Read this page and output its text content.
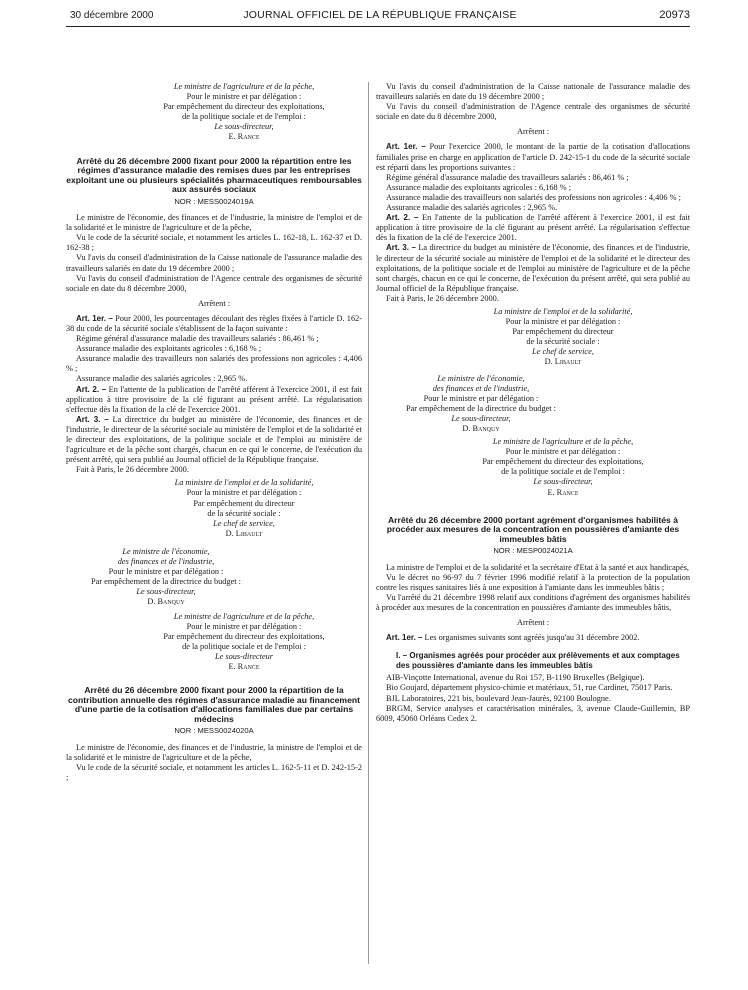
30 décembre 2000	JOURNAL OFFICIEL DE LA RÉPUBLIQUE FRANÇAISE	20973
Le ministre de l'agriculture et de la pêche,
Pour le ministre et par délégation :
Par empêchement du directeur des exploitations,
de la politique sociale et de l'emploi :
Le sous-directeur,
E. Rance
Arrêté du 26 décembre 2000 fixant pour 2000 la répartition entre les régimes d'assurance maladie des remises dues par les entreprises exploitant une ou plusieurs spécialités pharmaceutiques remboursables aux assurés sociaux
NOR : MESS0024019A

Le ministre de l'économie, des finances et de l'industrie, la ministre de l'emploi et de la solidarité et le ministre de l'agriculture et de la pêche,

Vu le code de la sécurité sociale, et notamment les articles L. 162-18, L. 162-37 et D. 162-38 ;

Vu l'avis du conseil d'administration de la Caisse nationale de l'assurance maladie des travailleurs salariés en date du 19 décembre 2000 ;

Vu l'avis du conseil d'administration de l'Agence centrale des organismes de sécurité sociale en date du 8 décembre 2000,

Arrêtent :

Art. 1er. – Pour 2000, les pourcentages découlant des règles fixées à l'article D. 162-38 du code de la sécurité sociale s'établissent de la façon suivante :

Régime général d'assurance maladie des travailleurs salariés : 86,461 % ;

Assurance maladie des exploitants agricoles : 6,168 % ;

Assurance maladie des travailleurs non salariés des professions non agricoles : 4,406 % ;

Assurance maladie des salariés agricoles : 2,965 %.

Art. 2. – En l'attente de la publication de l'arrêté afférent à l'exercice 2001, il est fait application à titre provisoire de la clé figurant au présent arrêté. La régularisation s'effectue dès la fixation de la clé de l'exercice 2001.

Art. 3. – La directrice du budget au ministère de l'économie, des finances et de l'industrie, le directeur de la sécurité sociale au ministère de l'emploi et de la solidarité et le directeur des exploitations, de la politique sociale et de l'emploi au ministère de l'agriculture et de la pêche sont chargés, chacun en ce qui le concerne, de l'exécution du présent arrêté, qui sera publié au Journal officiel de la République française.

Fait à Paris, le 26 décembre 2000.

La ministre de l'emploi et de la solidarité,
Pour la ministre et par délégation :
Par empêchement du directeur
de la sécurité sociale :
Le chef de service,
D. Libault
Le ministre de l'économie,
des finances et de l'industrie,
Pour le ministre et par délégation :
Par empêchement de la directrice du budget :
Le sous-directeur,
D. Banquy
Le ministre de l'agriculture et de la pêche,
Pour le ministre et par délégation :
Par empêchement du directeur des exploitations,
de la politique sociale et de l'emploi :
Le sous-directeur
E. Rance
Arrêté du 26 décembre 2000 fixant pour 2000 la répartition de la contribution annuelle des régimes d'assurance maladie au financement d'une partie de la cotisation d'allocations familiales due par certains médecins
NOR : MESS0024020A

Le ministre de l'économie, des finances et de l'industrie, la ministre de l'emploi et de la solidarité et le ministre de l'agriculture et de la pêche,

Vu le code de la sécurité sociale, et notamment les articles L. 162-5-11 et D. 242-15-2 ;

Vu l'avis du conseil d'administration de la Caisse nationale de l'assurance maladie des travailleurs salariés en date du 19 décembre 2000 ;

Vu l'avis du conseil d'administration de l'Agence centrale des organismes de sécurité sociale en date du 8 décembre 2000,

Arrêtent :

Art. 1er. – Pour l'exercice 2000, le montant de la partie de la cotisation d'allocations familiales prise en charge en application de l'article D. 242-15-1 du code de la sécurité sociale est réparti dans les proportions suivantes :

Régime général d'assurance maladie des travailleurs salariés : 86,461 % ;

Assurance maladie des exploitants agricoles : 6,168 % ;

Assurance maladie des travailleurs non salariés des professions non agricoles : 4,406 % ;

Assurance maladie des salariés agricoles : 2,965 %.

Art. 2. – En l'attente de la publication de l'arrêté afférent à l'exercice 2001, il est fait application à titre provisoire de la clé figurant au présent arrêté. La régularisation s'effectue dès la fixation de la clé de l'exercice 2001.

Art. 3. – La directrice du budget au ministère de l'économie, des finances et de l'industrie, le directeur de la sécurité sociale au ministère de l'emploi et de la solidarité et le directeur des exploitations, de la politique sociale et de l'emploi au ministère de l'agriculture et de la pêche sont chargés, chacun en ce qui le concerne, de l'exécution du présent arrêté, qui sera publié au Journal officiel de la République française.

Fait à Paris, le 26 décembre 2000.

La ministre de l'emploi et de la solidarité,
Pour la ministre et par délégation :
Par empêchement du directeur
de la sécurité sociale :
Le chef de service,
D. Libault
Le ministre de l'économie,
des finances et de l'industrie,
Pour le ministre et par délégation :
Par empêchement de la directrice du budget :
Le sous-directeur,
D. Banquy
Le ministre de l'agriculture et de la pêche,
Pour le ministre et par délégation :
Par empêchement du directeur des exploitations,
de la politique sociale et de l'emploi :
Le sous-directeur,
E. Rance
Arrêté du 26 décembre 2000 portant agrément d'organismes habilités à procéder aux mesures de la concentration en poussières d'amiante des immeubles bâtis
NOR : MESP0024021A

La ministre de l'emploi et de la solidarité et la secrétaire d'Etat à la santé et aux handicapés,

Vu le décret no 96-97 du 7 février 1996 modifié relatif à la protection de la population contre les risques sanitaires liés à une exposition à l'amiante dans les immeubles bâtis ;

Vu l'arrêté du 21 décembre 1998 relatif aux conditions d'agrément des organismes habilités à procéder aux mesures de la concentration en poussières d'amiante des immeubles bâtis,

Arrêtent :

Art. 1er. – Les organismes suivants sont agréés jusqu'au 31 décembre 2002.

I. – Organismes agréés pour procéder aux prélèvements et aux comptages des poussières d'amiante dans les immeubles bâtis

AIB-Vinçotte International, avenue du Roi 157, B-1190 Bruxelles (Belgique).

Bio Goujard, département physico-chimie et matériaux, 51, rue Cardinet, 75017 Paris.

BJL Laboratoires, 221 bis, boulevard Jean-Jaurès, 92100 Boulogne.

BRGM, Service analyses et caractérisation minérales, 3, avenue Claude-Guillemin, BP 6009, 45060 Orléans Cedex 2.
